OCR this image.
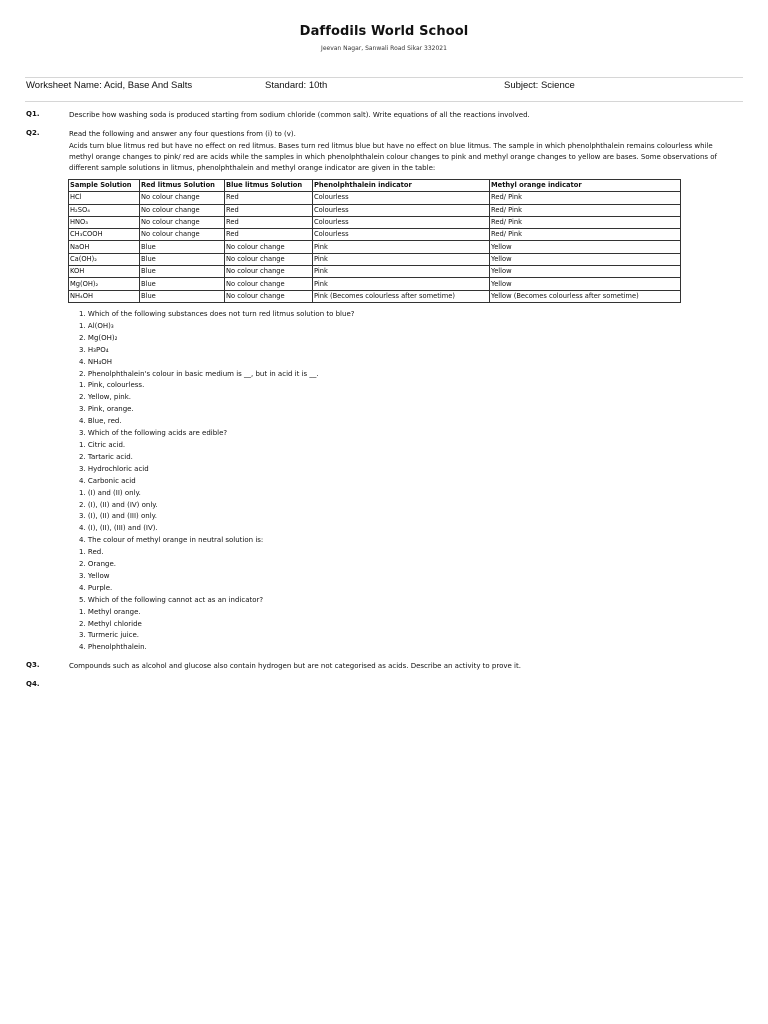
Daffodils World School
Jeevan Nagar, Sanwali Road Sikar 332021
Worksheet Name: Acid, Base And Salts	Standard: 10th	Subject: Science
Q1.	Describe how washing soda is produced starting from sodium chloride (common salt). Write equations of all the reactions involved.
Q2.	Read the following and answer any four questions from (i) to (v).
Acids turn blue litmus red but have no effect on red litmus. Bases turn red litmus blue but have no effect on blue litmus. The sample in which phenolphthalein remains colourless while methyl orange changes to pink/ red are acids while the samples in which phenolphthalein colour changes to pink and methyl orange changes to yellow are bases. Some observations of different sample solutions in litmus, phenolphthalein and methyl orange indicator are given in the table:
Sample Solution	Red litmus Solution	Blue litmus Solution	Phenolphthalein indicator	Methyl orange indicator
HCl	No colour change	Red	Colourless	Red/ Pink
H₂SO₄	No colour change	Red	Colourless	Red/ Pink
HNO₃	No colour change	Red	Colourless	Red/ Pink
CH₃COOH	No colour change	Red	Colourless	Red/ Pink
NaOH	Blue	No colour change	Pink	Yellow
Ca(OH)₂	Blue	No colour change	Pink	Yellow
KOH	Blue	No colour change	Pink	Yellow
Mg(OH)₂	Blue	No colour change	Pink	Yellow
NH₄OH	Blue	No colour change	Pink (Becomes colourless after sometime)	Yellow (Becomes colourless after sometime)
1. Which of the following substances does not turn red litmus solution to blue?
1. Al(OH)₃
2. Mg(OH)₂
3. H₃PO₄
4. NH₄OH
2. Phenolphthalein's colour in basic medium is __, but in acid it is __.
1. Pink, colourless.
2. Yellow, pink.
3. Pink, orange.
4. Blue, red.
3. Which of the following acids are edible?
1. Citric acid.
2. Tartaric acid.
3. Hydrochloric acid
4. Carbonic acid
1. (I) and (II) only.
2. (I), (II) and (IV) only.
3. (I), (II) and (III) only.
4. (I), (II), (III) and (IV).
4. The colour of methyl orange in neutral solution is:
1. Red.
2. Orange.
3. Yellow
4. Purple.
5. Which of the following cannot act as an indicator?
1. Methyl orange.
2. Methyl chloride
3. Turmeric juice.
4. Phenolphthalein.
Q3.	Compounds such as alcohol and glucose also contain hydrogen but are not categorised as acids. Describe an activity to prove it.
Q4.
